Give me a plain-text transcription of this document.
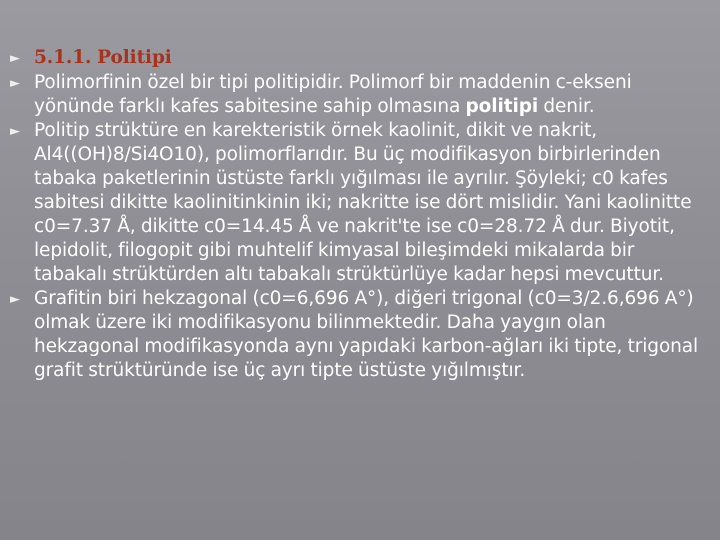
► 5.1.1. Politipi
► Polimorfinin özel bir tipi politipidir. Polimorf bir maddenin c-ekseni yönünde farklı kafes sabitesine sahip olmasına politipi denir.
► Politip strüktüre en karekteristik örnek kaolinit, dikit ve nakrit, Al4((OH)8/Si4O10), polimorflarıdır. Bu üç modifikasyon birbirlerinden tabaka paketlerinin üstüste farklı yığılması ile ayrılır. Şöyleki; c0 kafes sabitesi dikitte kaolinitinkinin iki; nakritte ise dört mislidir. Yani kaolinitte c0=7.37 Å, dikitte c0=14.45 Å ve nakrit'te ise c0=28.72 Å dur. Biyotit, lepidolit, filogopit gibi muhtelif kimyasal bileşimdeki mikalarda bir tabakalı strüktürden altı tabakalı strüktürlüye kadar hepsi mevcuttur.
► Grafitin biri hekzagonal (c0=6,696 A°), diğeri trigonal (c0=3/2.6,696 A°) olmak üzere iki modifikasyonu bilinmektedir. Daha yaygın olan hekzagonal modifikasyonda aynı yapıdaki karbon-ağları iki tipte, trigonal grafit strüktüründe ise üç ayrı tipte üstüste yığılmıştır.
